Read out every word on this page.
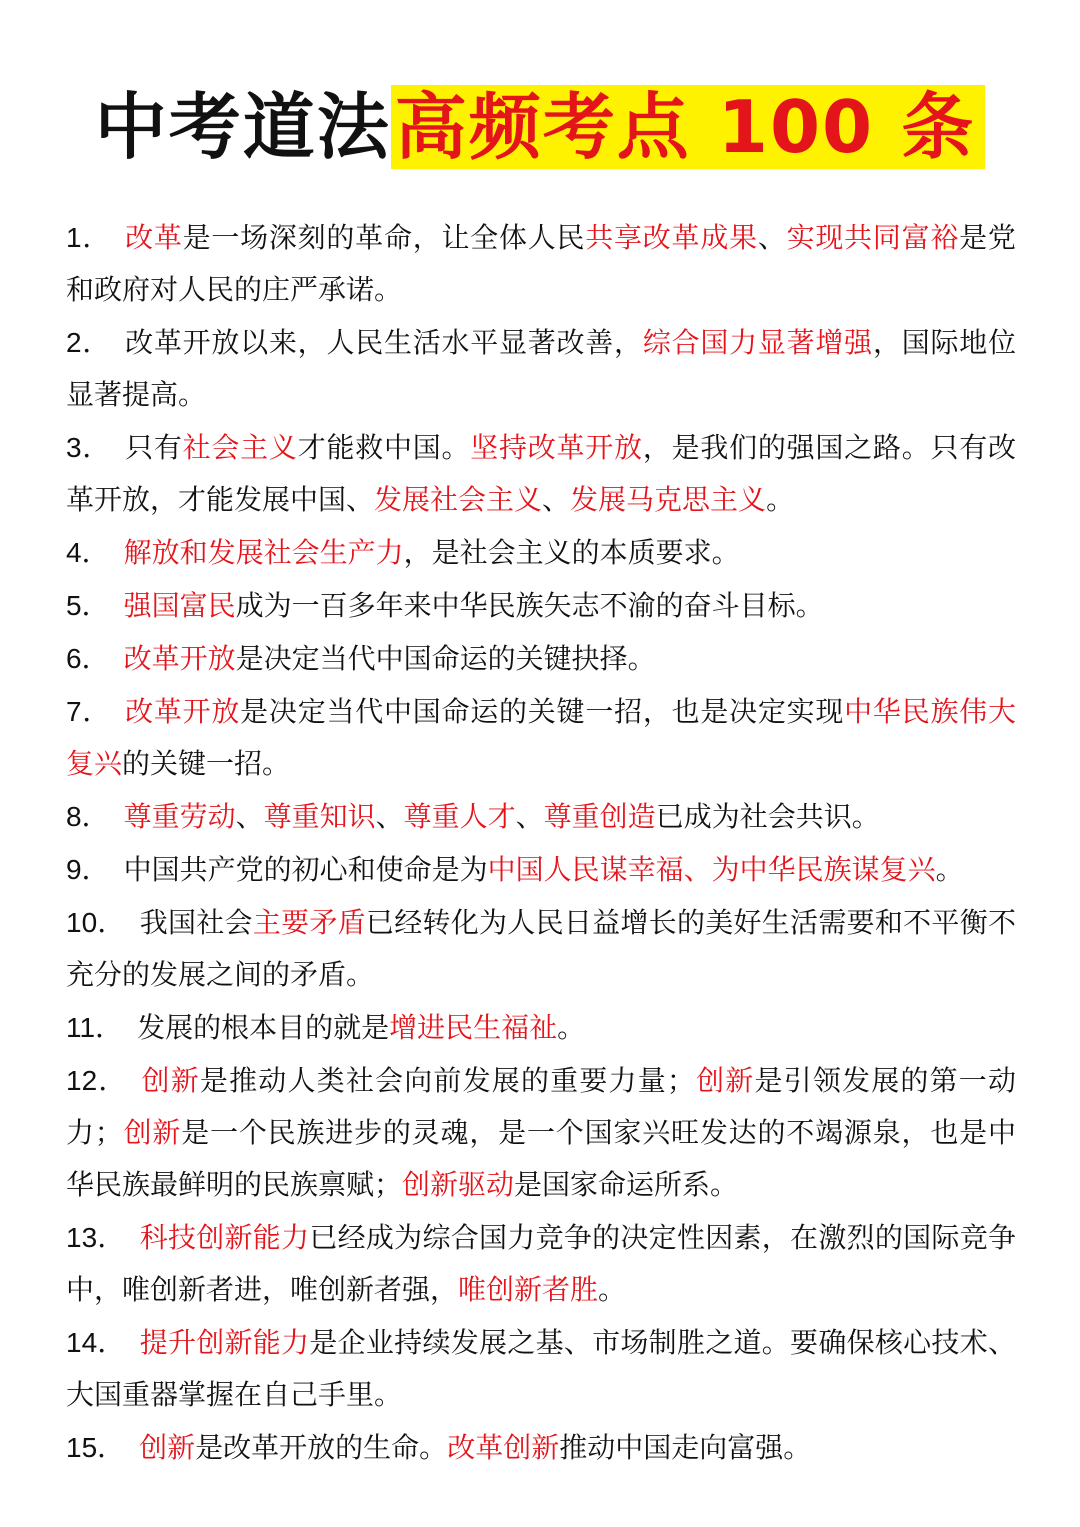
中考道法高频考点 100 条
1． 改革是一场深刻的革命，让全体人民共享改革成果、实现共同富裕是党和政府对人民的庄严承诺。
2． 改革开放以来，人民生活水平显著改善，综合国力显著增强，国际地位显著提高。
3． 只有社会主义才能救中国。坚持改革开放，是我们的强国之路。只有改革开放，才能发展中国、发展社会主义、发展马克思主义。
4． 解放和发展社会生产力，是社会主义的本质要求。
5． 强国富民成为一百多年来中华民族矢志不渝的奋斗目标。
6． 改革开放是决定当代中国命运的关键抉择。
7． 改革开放是决定当代中国命运的关键一招，也是决定实现中华民族伟大复兴的关键一招。
8． 尊重劳动、尊重知识、尊重人才、尊重创造已成为社会共识。
9． 中国共产党的初心和使命是为中国人民谋幸福、为中华民族谋复兴。
10． 我国社会主要矛盾已经转化为人民日益增长的美好生活需要和不平衡不充分的发展之间的矛盾。
11． 发展的根本目的就是增进民生福祉。
12． 创新是推动人类社会向前发展的重要力量；创新是引领发展的第一动力；创新是一个民族进步的灵魂，是一个国家兴旺发达的不竭源泉，也是中华民族最鲜明的民族禀赋；创新驱动是国家命运所系。
13． 科技创新能力已经成为综合国力竞争的决定性因素，在激烈的国际竞争中，唯创新者进，唯创新者强，唯创新者胜。
14． 提升创新能力是企业持续发展之基、市场制胜之道。要确保核心技术、大国重器掌握在自己手里。
15． 创新是改革开放的生命。改革创新推动中国走向富强。
